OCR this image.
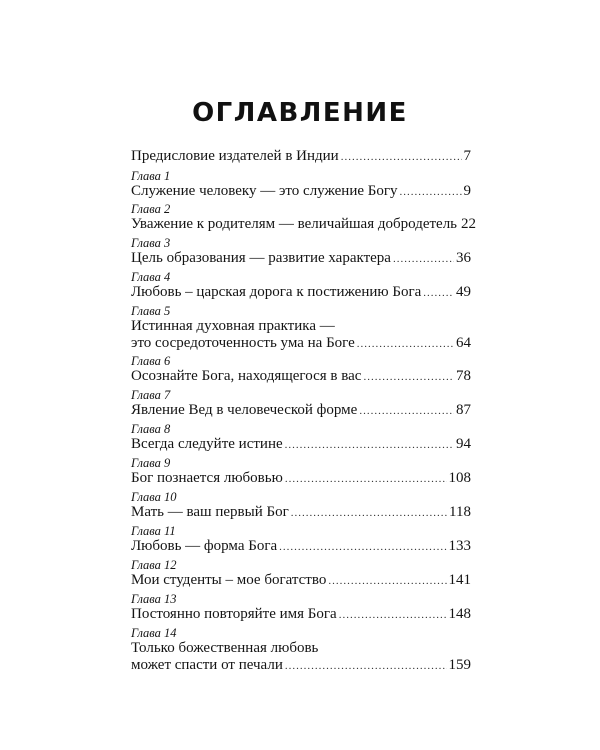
ОГЛАВЛЕНИЕ
Предисловие издателей в Индии .....	7
Глава 1
Служение человеку — это служение Богу .....	9
Глава 2
Уважение к родителям — величайшая добродетель 22
Глава 3
Цель образования — развитие характера .....	36
Глава 4
Любовь – царская дорога к постижению Бога ..... 49
Глава 5
Истинная духовная практика —
это сосредоточенность ума на Боге .....	64
Глава 6
Осознайте Бога, находящегося в вас .....	78
Глава 7
Явление Вед в человеческой форме .....	87
Глава 8
Всегда следуйте истине .....	94
Глава 9
Бог познается любовью .....	108
Глава 10
Мать — ваш первый Бог .....	118
Глава 11
Любовь — форма Бога .....	133
Глава 12
Мои студенты – мое богатство .....	141
Глава 13
Постоянно повторяйте имя Бога .....	148
Глава 14
Только божественная любовь
может спасти от печали .....	159
